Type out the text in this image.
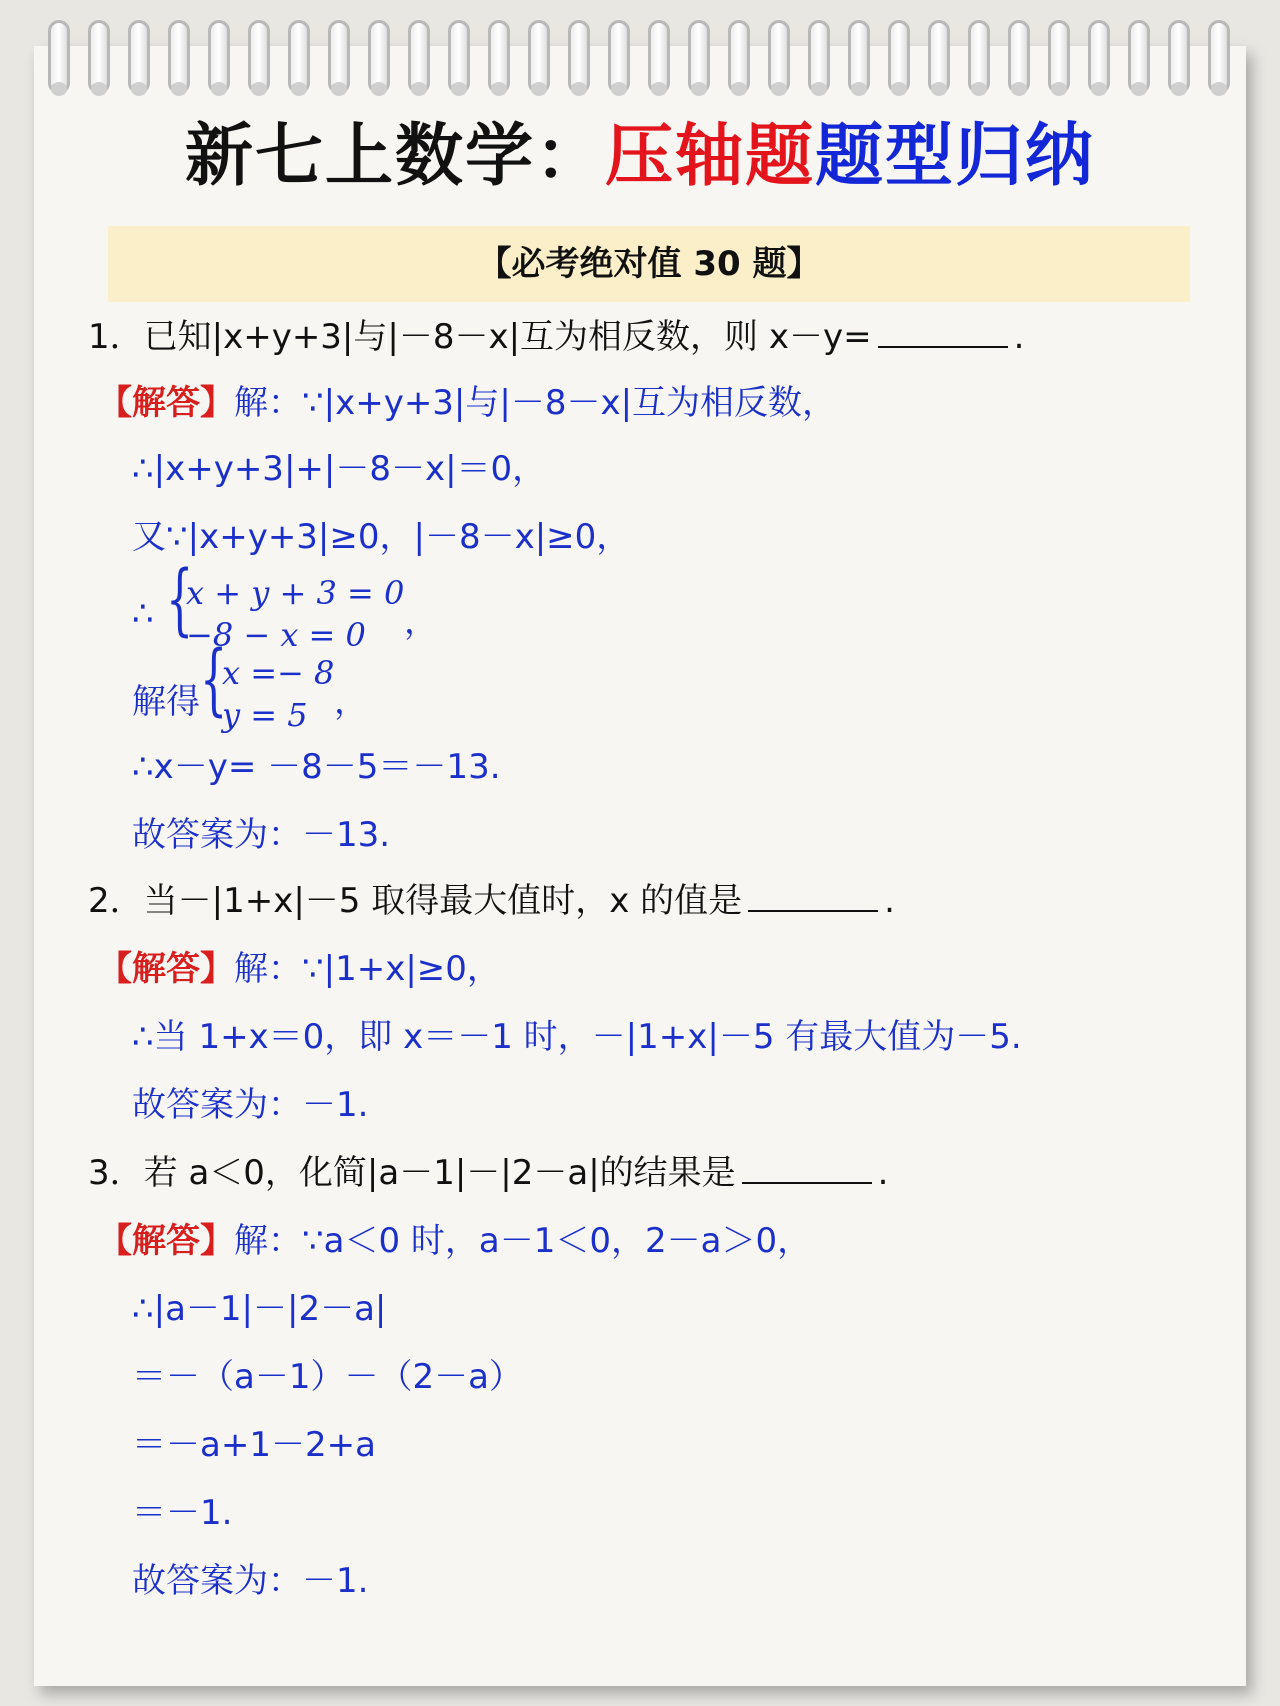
新七上数学：压轴题题型归纳
【必考绝对值 30 题】
1．已知|x+y+3|与|－8－x|互为相反数，则 x－y=	.
【解答】解：∵|x+y+3|与|－8－x|互为相反数，
∴|x+y+3|+|－8－x|＝0，
又∵|x+y+3|≥0，|－8－x|≥0，
∴ {
x + y + 3 = 0
−8 − x = 0 ，
解得 {
x =− 8
y = 5 ，
∴x－y= －8－5＝－13.
故答案为：－13.
2．当－|1+x|－5 取得最大值时，x 的值是	.
【解答】解：∵|1+x|≥0，
∴当 1+x＝0，即 x＝－1 时，－|1+x|－5 有最大值为－5.
故答案为：－1.
3．若 a＜0，化简|a－1|－|2－a|的结果是	.
【解答】解：∵a＜0 时，a－1＜0，2－a＞0，
∴|a－1|－|2－a|
＝－（a－1）－（2－a）
＝－a+1－2+a
＝－1.
故答案为：－1.
